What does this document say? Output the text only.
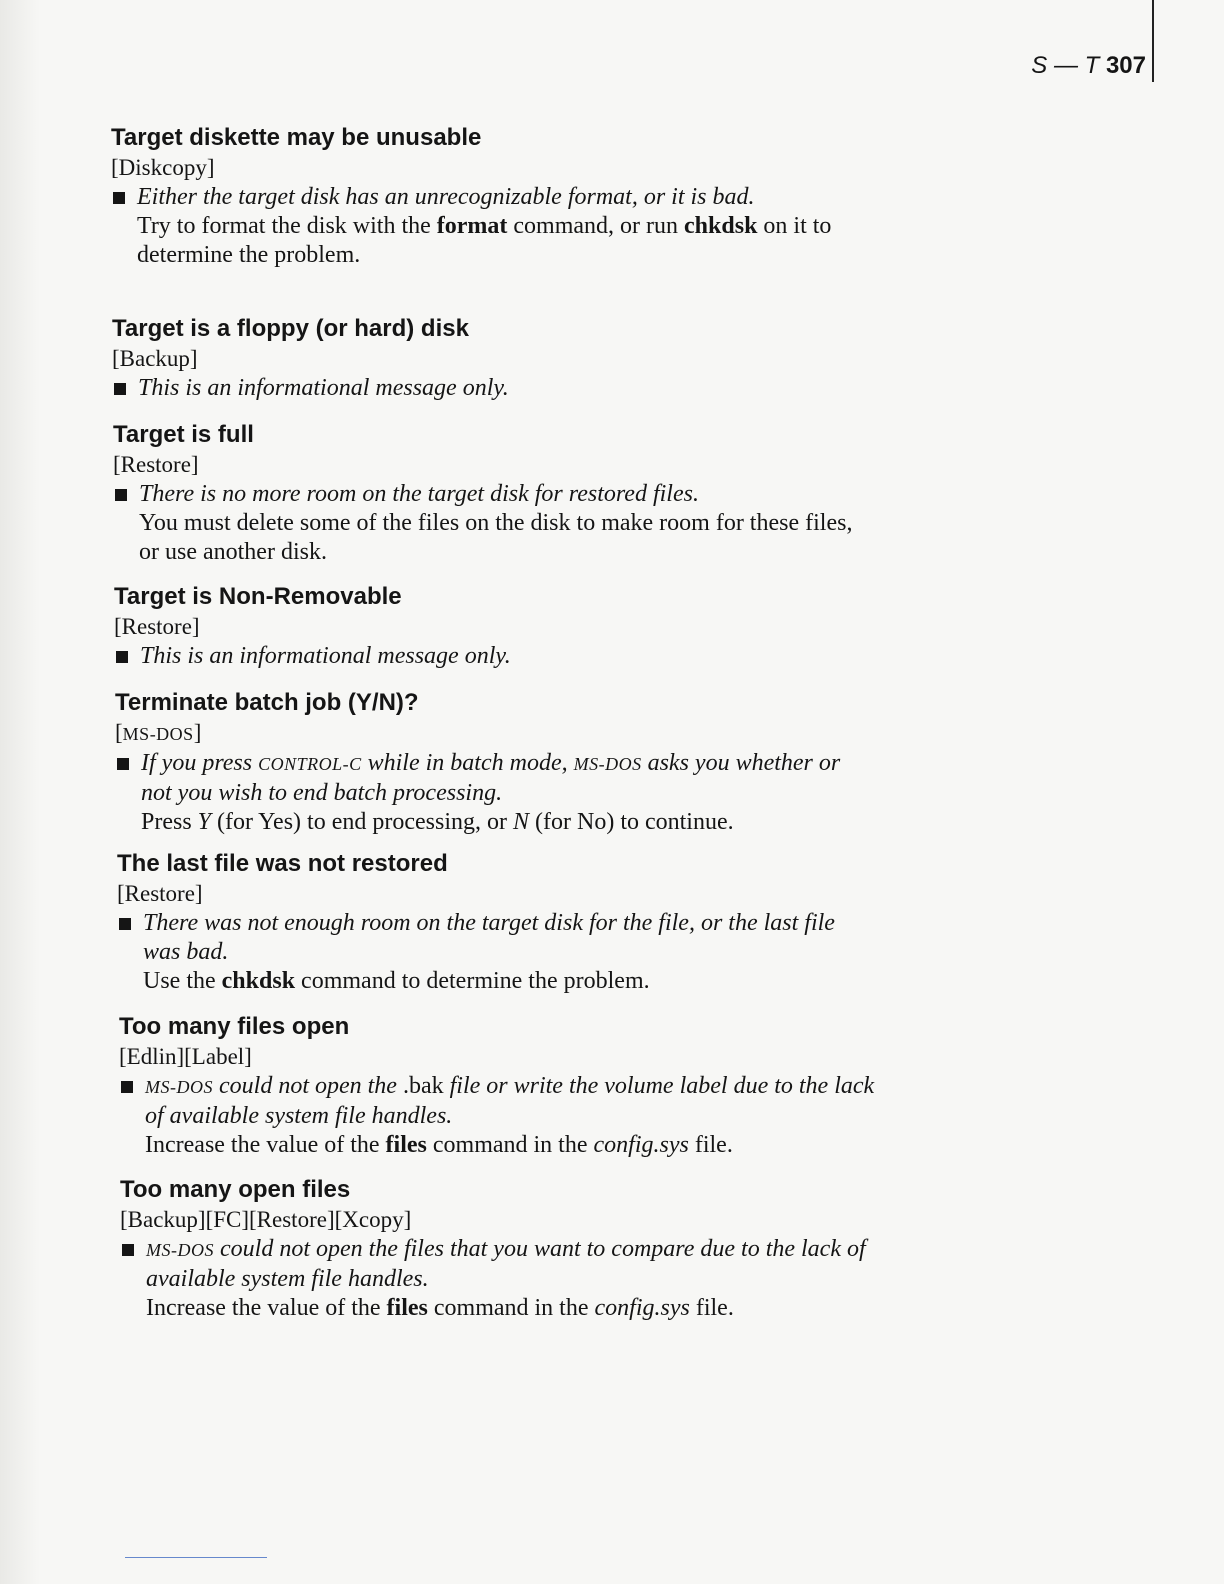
S — T 307
Target diskette may be unusable
[Diskcopy]
Either the target disk has an unrecognizable format, or it is bad.
Try to format the disk with the format command, or run chkdsk on it to determine the problem.
Target is a floppy (or hard) disk
[Backup]
This is an informational message only.
Target is full
[Restore]
There is no more room on the target disk for restored files.
You must delete some of the files on the disk to make room for these files, or use another disk.
Target is Non-Removable
[Restore]
This is an informational message only.
Terminate batch job (Y/N)?
[MS-DOS]
If you press CONTROL-C while in batch mode, MS-DOS asks you whether or not you wish to end batch processing.
Press Y (for Yes) to end processing, or N (for No) to continue.
The last file was not restored
[Restore]
There was not enough room on the target disk for the file, or the last file was bad.
Use the chkdsk command to determine the problem.
Too many files open
[Edlin][Label]
MS-DOS could not open the .bak file or write the volume label due to the lack of available system file handles.
Increase the value of the files command in the config.sys file.
Too many open files
[Backup][FC][Restore][Xcopy]
MS-DOS could not open the files that you want to compare due to the lack of available system file handles.
Increase the value of the files command in the config.sys file.
